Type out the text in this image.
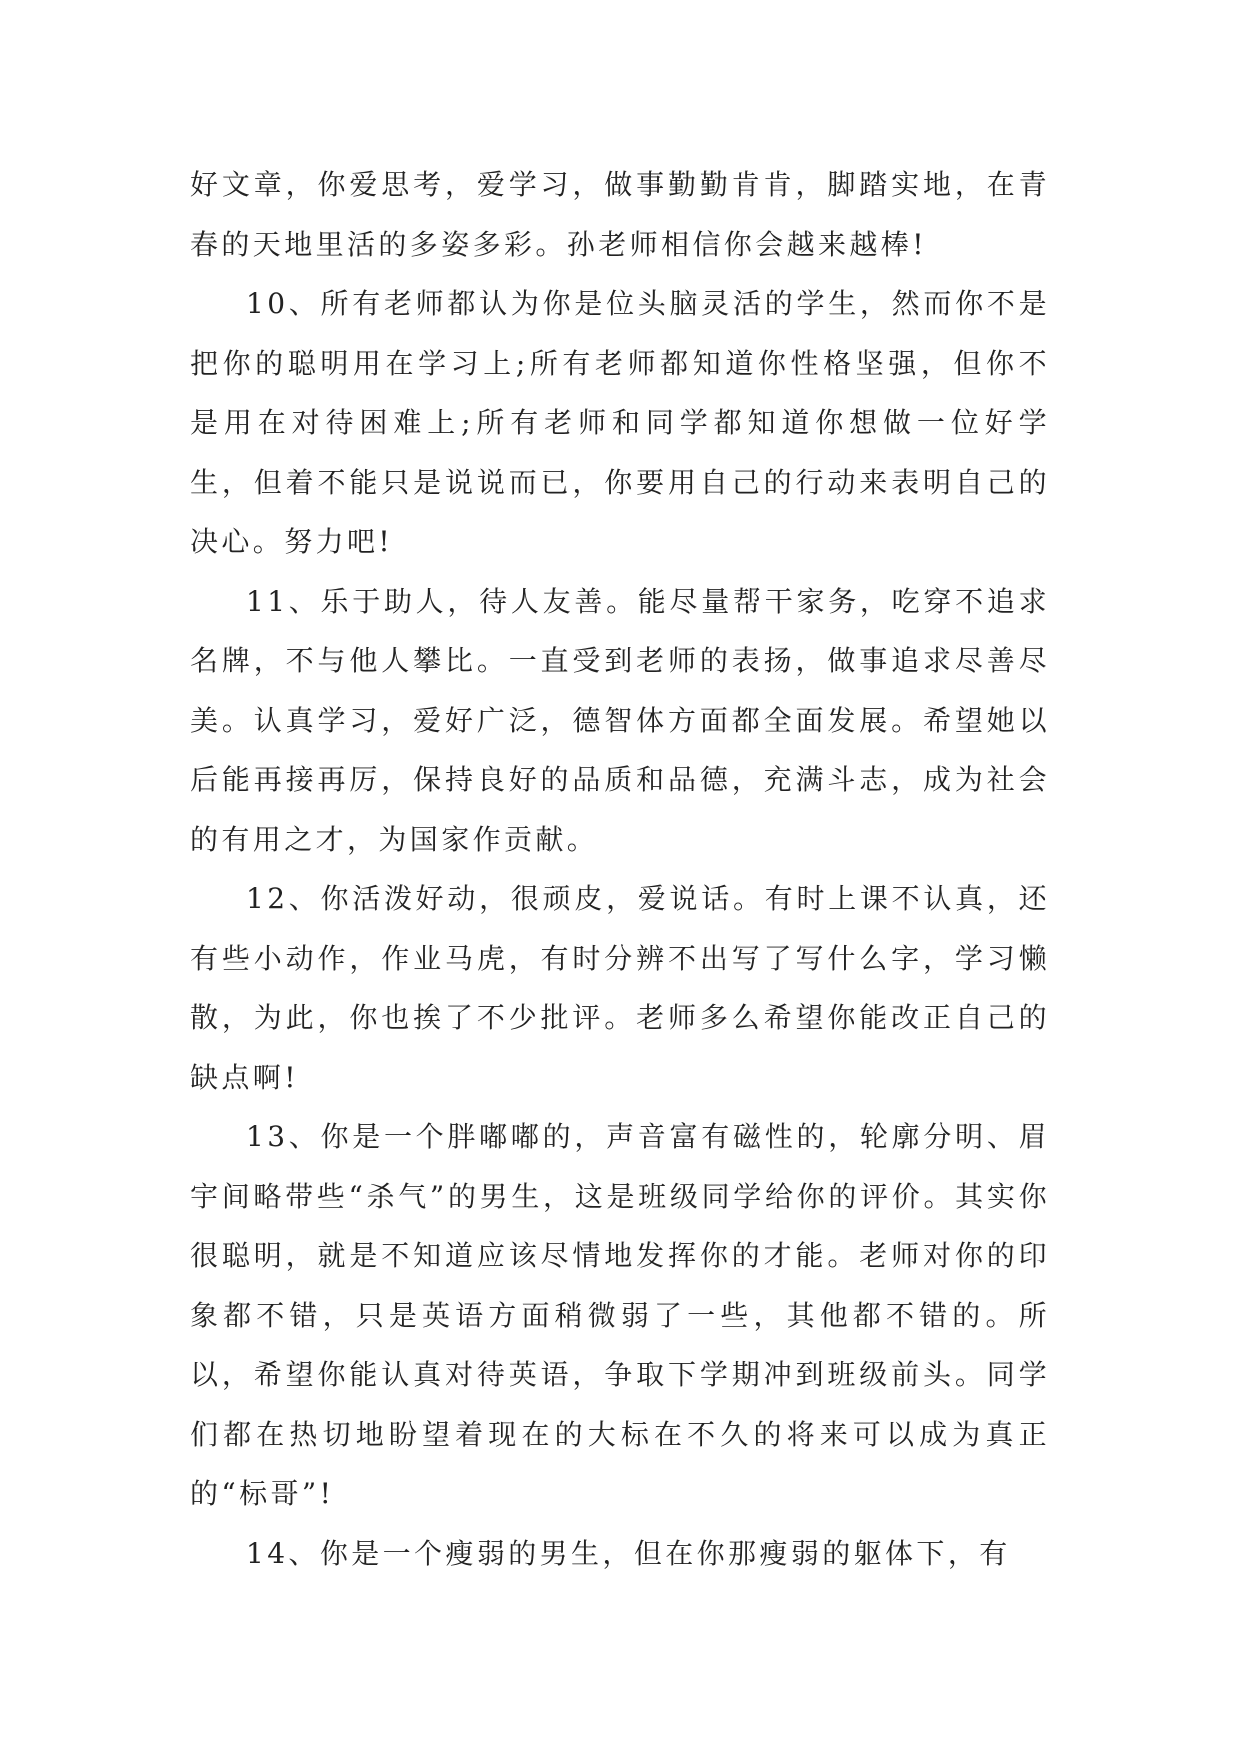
好文章，你爱思考，爱学习，做事勤勤肯肯，脚踏实地，在青春的天地里活的多姿多彩。孙老师相信你会越来越棒!

10、所有老师都认为你是位头脑灵活的学生，然而你不是把你的聪明用在学习上;所有老师都知道你性格坚强，但你不是用在对待困难上;所有老师和同学都知道你想做一位好学生，但着不能只是说说而已，你要用自己的行动来表明自己的决心。努力吧!

11、乐于助人，待人友善。能尽量帮干家务，吃穿不追求名牌，不与他人攀比。一直受到老师的表扬，做事追求尽善尽美。认真学习，爱好广泛，德智体方面都全面发展。希望她以后能再接再厉，保持良好的品质和品德，充满斗志，成为社会的有用之才，为国家作贡献。

12、你活泼好动，很顽皮，爱说话。有时上课不认真，还有些小动作，作业马虎，有时分辨不出写了写什么字，学习懒散，为此，你也挨了不少批评。老师多么希望你能改正自己的缺点啊!

13、你是一个胖嘟嘟的，声音富有磁性的，轮廓分明、眉宇间略带些“杀气”的男生，这是班级同学给你的评价。其实你很聪明，就是不知道应该尽情地发挥你的才能。老师对你的印象都不错，只是英语方面稍微弱了一些，其他都不错的。所以，希望你能认真对待英语，争取下学期冲到班级前头。同学们都在热切地盼望着现在的大标在不久的将来可以成为真正的“标哥”!

14、你是一个瘦弱的男生，但在你那瘦弱的躯体下，有
